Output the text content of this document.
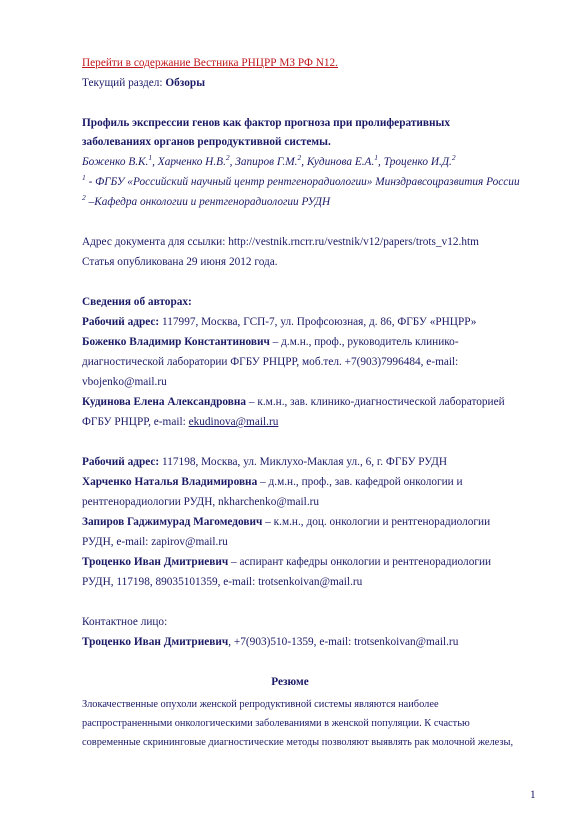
Перейти в содержание Вестника РНЦРР МЗ РФ N12.
Текущий раздел: Обзоры
Профиль экспрессии генов как фактор прогноза при пролиферативных
заболеваниях органов репродуктивной системы.
Боженко В.К.$^1$, Харченко Н.В.$^2$, Запиров Г.М.$^2$, Кудинова Е.А.$^1$, Троценко И.Д.$^2$
$^1$ - ФГБУ «Российский научный центр рентгенорадиологии» Минздравсоцразвития России
$^2$ –Кафедра онкологии и рентгенорадиологии РУДН
Адрес документа для ссылки: http://vestnik.rncrr.ru/vestnik/v12/papers/trots_v12.htm
Статья опубликована 29 июня 2012 года.
Сведения об авторах:
Рабочий адрес: 117997, Москва, ГСП-7, ул. Профсоюзная, д. 86, ФГБУ «РНЦРР»
Боженко Владимир Константинович – д.м.н., проф., руководитель клинико-
диагностической лаборатории ФГБУ РНЦРР, моб.тел. +7(903)7996484, e-mail:
vbojenko@mail.ru
Кудинова Елена Александровна – к.м.н., зав. клинико-диагностической лабораторией
ФГБУ РНЦРР, e-mail: ekudinova@mail.ru
Рабочий адрес: 117198, Москва, ул. Миклухо-Маклая ул., 6, г. ФГБУ РУДН
Харченко Наталья Владимировна – д.м.н., проф., зав. кафедрой онкологии и
рентгенорадиологии РУДН, nkharchenko@mail.ru
Запиров Гаджимурад Магомедович – к.м.н., доц. онкологии и рентгенорадиологии
РУДН, e-mail: zapirov@mail.ru
Троценко Иван Дмитриевич – аспирант кафедры онкологии и рентгенорадиологии
РУДН, 117198, 89035101359, e-mail: trotsenkoivan@mail.ru
Контактное лицо:
Троценко Иван Дмитриевич, +7(903)510-1359, e-mail: trotsenkoivan@mail.ru
Резюме
Злокачественные опухоли женской репродуктивной системы являются наиболее
распространенными онкологическими заболеваниями в женской популяции. К счастью
современные скрининговые диагностические методы позволяют выявлять рак молочной железы,
1
